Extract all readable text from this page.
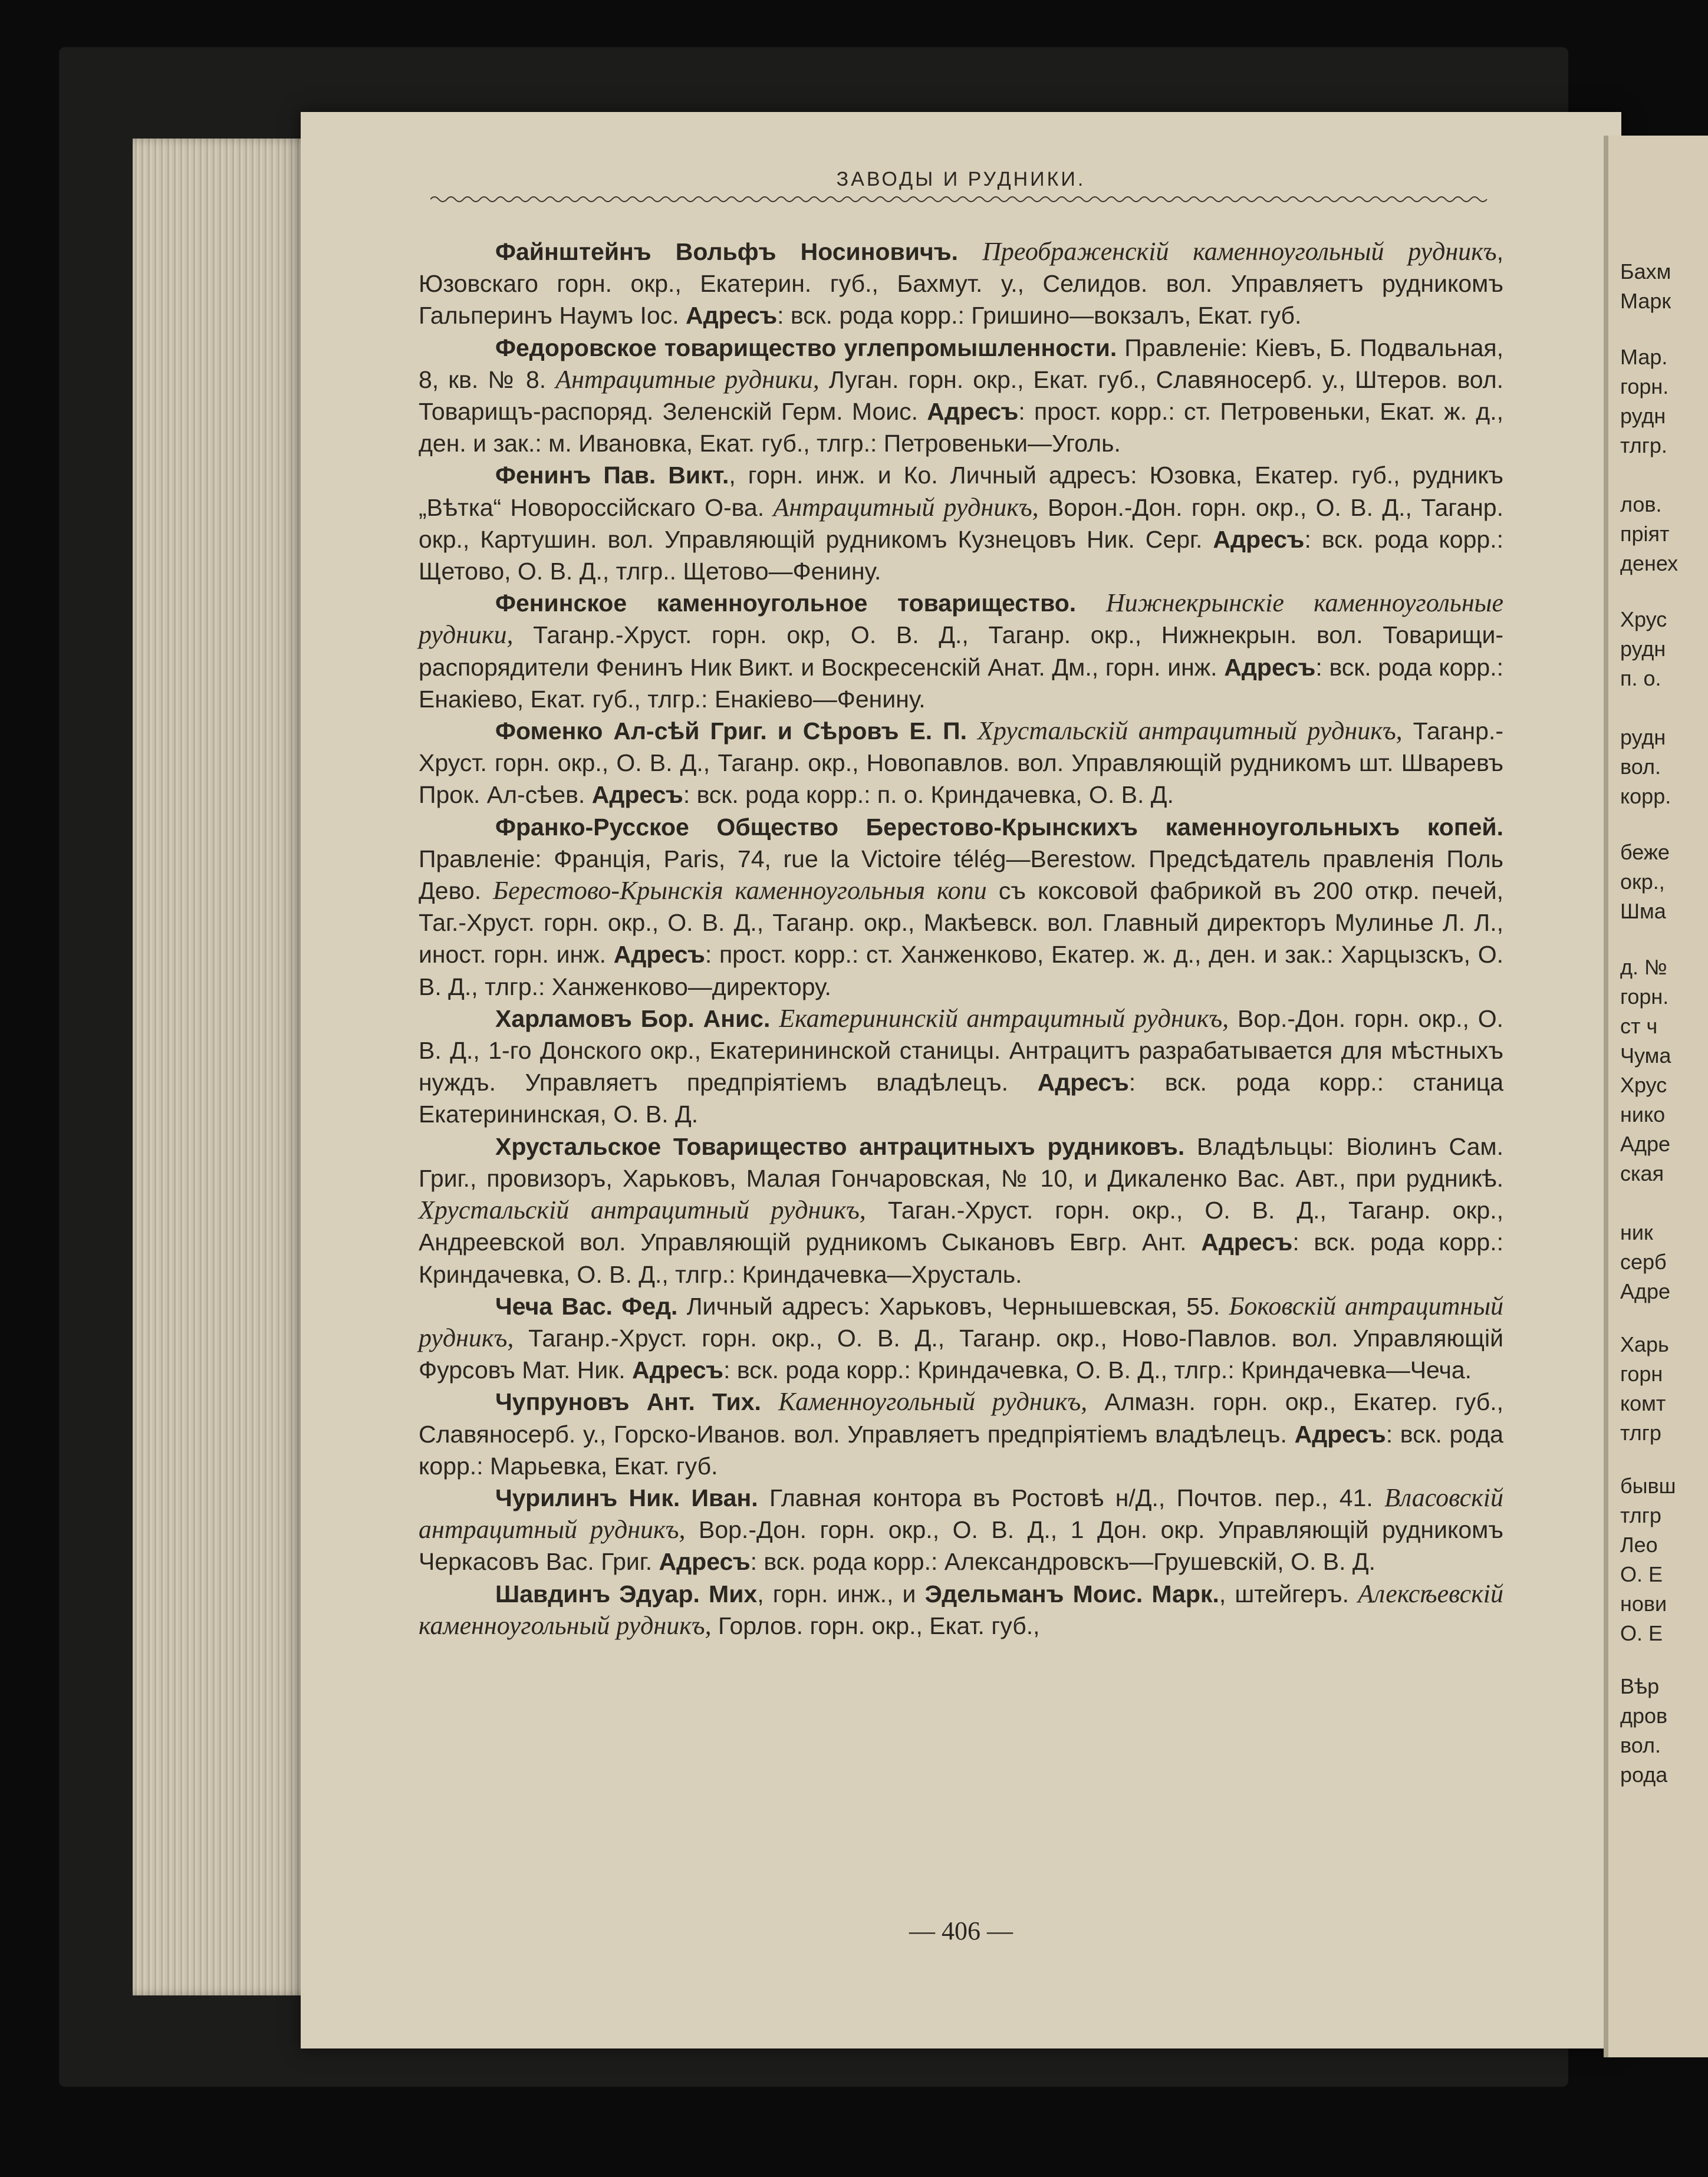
ЗАВОДЫ И РУДНИКИ.

Файнштейнъ Вольфъ Носиновичъ. Преображенскій каменноугольный рудникъ, Юзовскаго горн. окр., Екатерин. губ., Бахмут. у., Селидов. вол. Управляетъ рудникомъ Гальперинъ Наумъ Іос. Адресъ: вск. рода корр.: Гришино—вокзалъ, Екат. губ.

Федоровское товарищество углепромышленности. Правленіе: Кіевъ, Б. Подвальная, 8, кв. № 8. Антрацитные рудники, Луган. горн. окр., Екат. губ., Славяносерб. у., Штеров. вол. Товарищъ-распоряд. Зеленскій Герм. Моис. Адресъ: прост. корр.: ст. Петровеньки, Екат. ж. д., ден. и зак.: м. Ивановка, Екат. губ., тлгр.: Петровеньки—Уголь.

Фенинъ Пав. Викт., горн. инж. и Ко. Личный адресъ: Юзовка, Екатер. губ., рудникъ „Вѣтка“ Новороссійскаго О-ва. Антрацитный рудникъ, Ворон.-Дон. горн. окр., О. В. Д., Таганр. окр., Картушин. вол. Управляющій рудникомъ Кузнецовъ Ник. Серг. Адресъ: вск. рода корр.: Щетово, О. В. Д., тлгр.. Щетово—Фенину.

Фенинское каменноугольное товарищество. Нижнекрынскіе каменноугольные рудники, Таганр.-Хруст. горн. окр, О. В. Д., Таганр. окр., Нижнекрын. вол. Товарищи-распорядители Фенинъ Ник Викт. и Воскресенскій Анат. Дм., горн. инж. Адресъ: вск. рода корр.: Енакіево, Екат. губ., тлгр.: Енакіево—Фенину.

Фоменко Ал-сѣй Григ. и Сѣровъ Е. П. Хрустальскій антрацитный рудникъ, Таганр.-Хруст. горн. окр., О. В. Д., Таганр. окр., Новопавлов. вол. Управляющій рудникомъ шт. Шваревъ Прок. Ал-сѣев. Адресъ: вск. рода корр.: п. о. Криндачевка, О. В. Д.

Франко-Русское Общество Берестово-Крынскихъ каменноугольныхъ копей. Правленіе: Франція, Paris, 74, rue la Victoire télég—Berestow. Предсѣдатель правленія Поль Дево. Берестово-Крынскія каменноугольныя копи съ коксовой фабрикой въ 200 откр. печей, Таг.-Хруст. горн. окр., О. В. Д., Таганр. окр., Макѣевск. вол. Главный директоръ Мулинье Л. Л., иност. горн. инж. Адресъ: прост. корр.: ст. Ханженково, Екатер. ж. д., ден. и зак.: Харцызскъ, О. В. Д., тлгр.: Ханженково—директору.

Харламовъ Бор. Анис. Екатерининскій антрацитный рудникъ, Вор.-Дон. горн. окр., О. В. Д., 1-го Донского окр., Екатерининской станицы. Антрацитъ разрабатывается для мѣстныхъ нуждъ. Управляетъ предпріятіемъ владѣлецъ. Адресъ: вск. рода корр.: станица Екатерининская, О. В. Д.

Хрустальское Товарищество антрацитныхъ рудниковъ. Владѣльцы: Віолинъ Сам. Григ., провизоръ, Харьковъ, Малая Гончаровская, № 10, и Дикаленко Вас. Авт., при рудникѣ. Хрустальскій антрацитный рудникъ, Таган.-Хруст. горн. окр., О. В. Д., Таганр. окр., Андреевской вол. Управляющій рудникомъ Сыкановъ Евгр. Ант. Адресъ: вск. рода корр.: Криндачевка, О. В. Д., тлгр.: Криндачевка—Хрусталь.

Чеча Вас. Фед. Личный адресъ: Харьковъ, Чернышевская, 55. Боковскій антрацитный рудникъ, Таганр.-Хруст. горн. окр., О. В. Д., Таганр. окр., Ново-Павлов. вол. Управляющій Фурсовъ Мат. Ник. Адресъ: вск. рода корр.: Криндачевка, О. В. Д., тлгр.: Криндачевка—Чеча.

Чупруновъ Ант. Тих. Каменноугольный рудникъ, Алмазн. горн. окр., Екатер. губ., Славяносерб. у., Горско-Иванов. вол. Управляетъ предпріятіемъ владѣлецъ. Адресъ: вск. рода корр.: Марьевка, Екат. губ.

Чурилинъ Ник. Иван. Главная контора въ Ростовѣ н/Д., Почтов. пер., 41. Власовскій антрацитный рудникъ, Вор.-Дон. горн. окр., О. В. Д., 1 Дон. окр. Управляющій рудникомъ Черкасовъ Вас. Григ. Адресъ: вск. рода корр.: Александровскъ—Грушевскій, О. В. Д.

Шавдинъ Эдуар. Мих, горн. инж., и Эдельманъ Моис. Марк., штейгеръ. Алексѣевскій каменноугольный рудникъ, Горлов. горн. окр., Екат. губ.,

— 406 —
Бахм
Марк
Мар.
горн.
рудн
тлгр.
лов.
пріят
денех
Хрус
рудн
п. о.
рудн
вол.
корр.
беже
окр.,
Шма
д. №
горн.
ст ч
Чума
Хрус
нико
Адре
ская
ник
серб
Адре
Харь
горн
комт
тлгр
бывш
тлгр
Лео
О. Е
нови
О. Е
Вѣр
дров
вол.
рода
